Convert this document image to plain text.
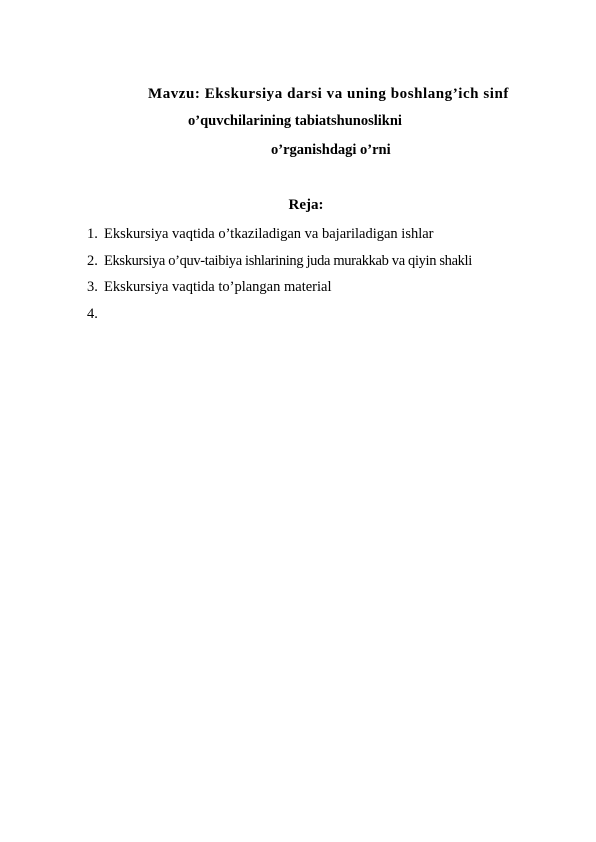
Mavzu: Ekskursiya darsi va uning boshlang’ich sinf
o’quvchilarining tabiatshunoslikni
o’rganishdagi o’rni
Reja:
1. Ekskursiya vaqtida o’tkaziladigan va bajariladigan ishlar
2. Ekskursiya o’quv-taibiya ishlarining juda murakkab va qiyin shakli
3. Ekskursiya vaqtida to’plangan material
4.
